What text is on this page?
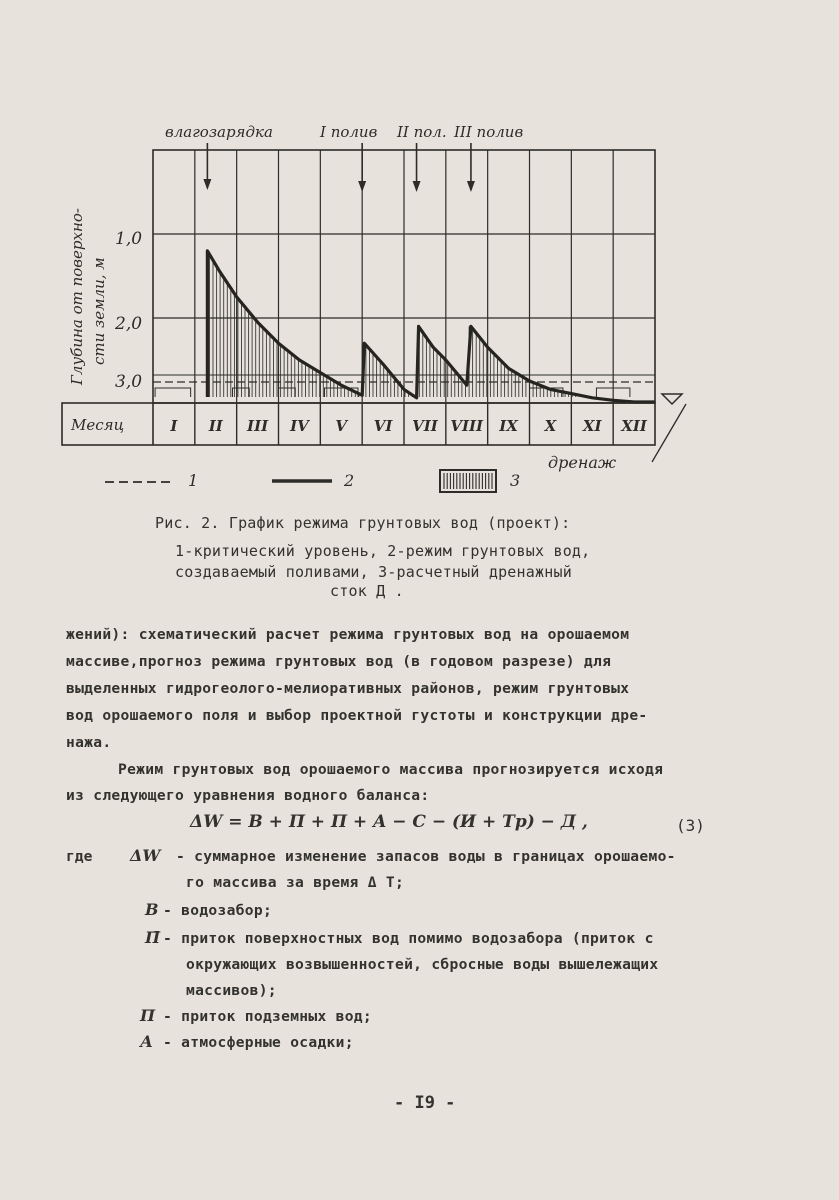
влагозарядка	I полив II пол. III полив
Глубина от поверхно- сти земли, м
1,0
2,0
3,0
Месяц	I II III IV V VI VII VIII IX X XI XII
дренаж
1	2	3
Рис. 2. График режима грунтовых вод (проект):
1-критический уровень, 2-режим грунтовых вод,
создаваемый поливами, 3-расчетный дренажный
сток Д .
жений): схематический расчет режима грунтовых вод на орошаемом
массиве,прогноз режима грунтовых вод (в годовом разрезе) для
выделенных гидрогеолого-мелиоративных районов, режим грунтовых
вод орошаемого поля и выбор проектной густоты и конструкции дре-
нажа.
Режим грунтовых вод орошаемого массива прогнозируется исходя
из следующего уравнения водного баланса:
ΔW = B + П̄ + П + A − C − (И + Tр) − Д ,	(3)
где ΔW - суммарное изменение запасов воды в границах орошаемо-
го массива за время Δ T;
В - водозабор;
П̄ - приток поверхностных вод помимо водозабора (приток с
окружающих возвышенностей, сбросные воды вышележащих
массивов);
П - приток подземных вод;
А - атмосферные осадки;
- I9 -
